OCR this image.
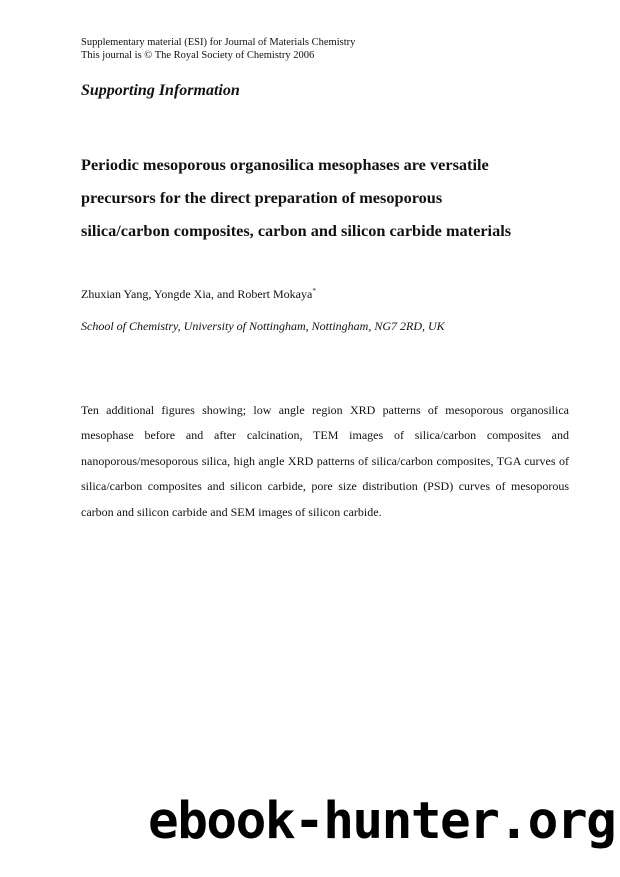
Supplementary material (ESI) for Journal of Materials Chemistry
This journal is © The Royal Society of Chemistry 2006
Supporting Information
Periodic mesoporous organosilica mesophases are versatile
precursors for the direct preparation of mesoporous
silica/carbon composites, carbon and silicon carbide materials
Zhuxian Yang, Yongde Xia, and Robert Mokaya*
School of Chemistry, University of Nottingham, Nottingham, NG7 2RD, UK
Ten additional figures showing; low angle region XRD patterns of mesoporous organosilica mesophase before and after calcination, TEM images of silica/carbon composites and nanoporous/mesoporous silica, high angle XRD patterns of silica/carbon composites, TGA curves of silica/carbon composites and silicon carbide, pore size distribution (PSD) curves of mesoporous carbon and silicon carbide and SEM images of silicon carbide.
ebook-hunter.org
